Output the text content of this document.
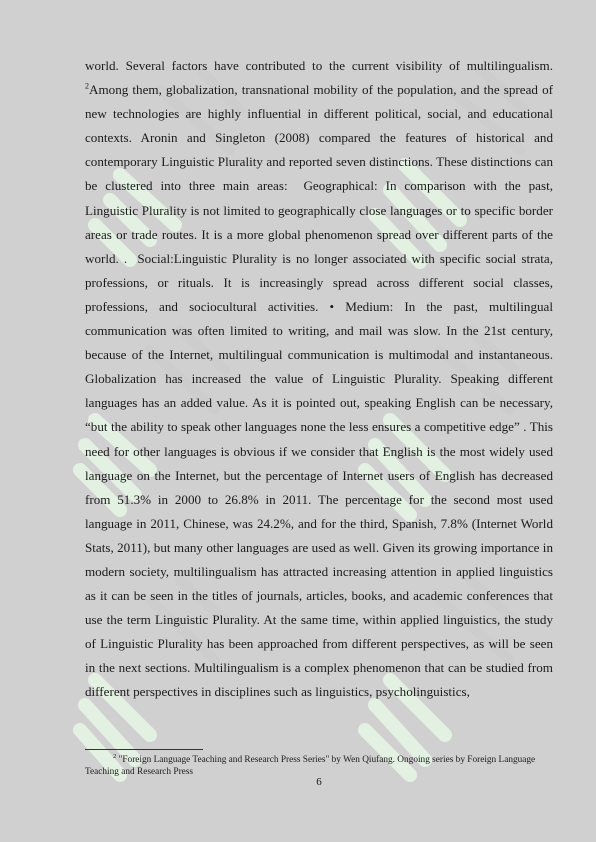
world. Several factors have contributed to the current visibility of multilingualism. $^2$Among them, globalization, transnational mobility of the population, and the spread of new technologies are highly influential in different political, social, and educational contexts. Aronin and Singleton (2008) compared the features of historical and contemporary Linguistic Plurality and reported seven distinctions. These distinctions can be clustered into three main areas:  Geographical: In comparison with the past, Linguistic Plurality is not limited to geographically close languages or to specific border areas or trade routes. It is a more global phenomenon spread over different parts of the world. .  Social:Linguistic Plurality is no longer associated with specific social strata, professions, or rituals. It is increasingly spread across different social classes, professions, and sociocultural activities. • Medium: In the past, multilingual communication was often limited to writing, and mail was slow. In the 21st century, because of the Internet, multilingual communication is multimodal and instantaneous. Globalization has increased the value of Linguistic Plurality. Speaking different languages has an added value. As it is pointed out, speaking English can be necessary, “but the ability to speak other languages none the less ensures a competitive edge” . This need for other languages is obvious if we consider that English is the most widely used language on the Internet, but the percentage of Internet users of English has decreased from 51.3% in 2000 to 26.8% in 2011. The percentage for the second most used language in 2011, Chinese, was 24.2%, and for the third, Spanish, 7.8% (Internet World Stats, 2011), but many other languages are used as well. Given its growing importance in modern society, multilingualism has attracted increasing attention in applied linguistics as it can be seen in the titles of journals, articles, books, and academic conferences that use the term Linguistic Plurality. At the same time, within applied linguistics, the study of Linguistic Plurality has been approached from different perspectives, as will be seen in the next sections. Multilingualism is a complex phenomenon that can be studied from different perspectives in disciplines such as linguistics, psycholinguistics,

$^2$ "Foreign Language Teaching and Research Press Series" by Wen Qiufang. Ongoing series by Foreign Language Teaching and Research Press

6
